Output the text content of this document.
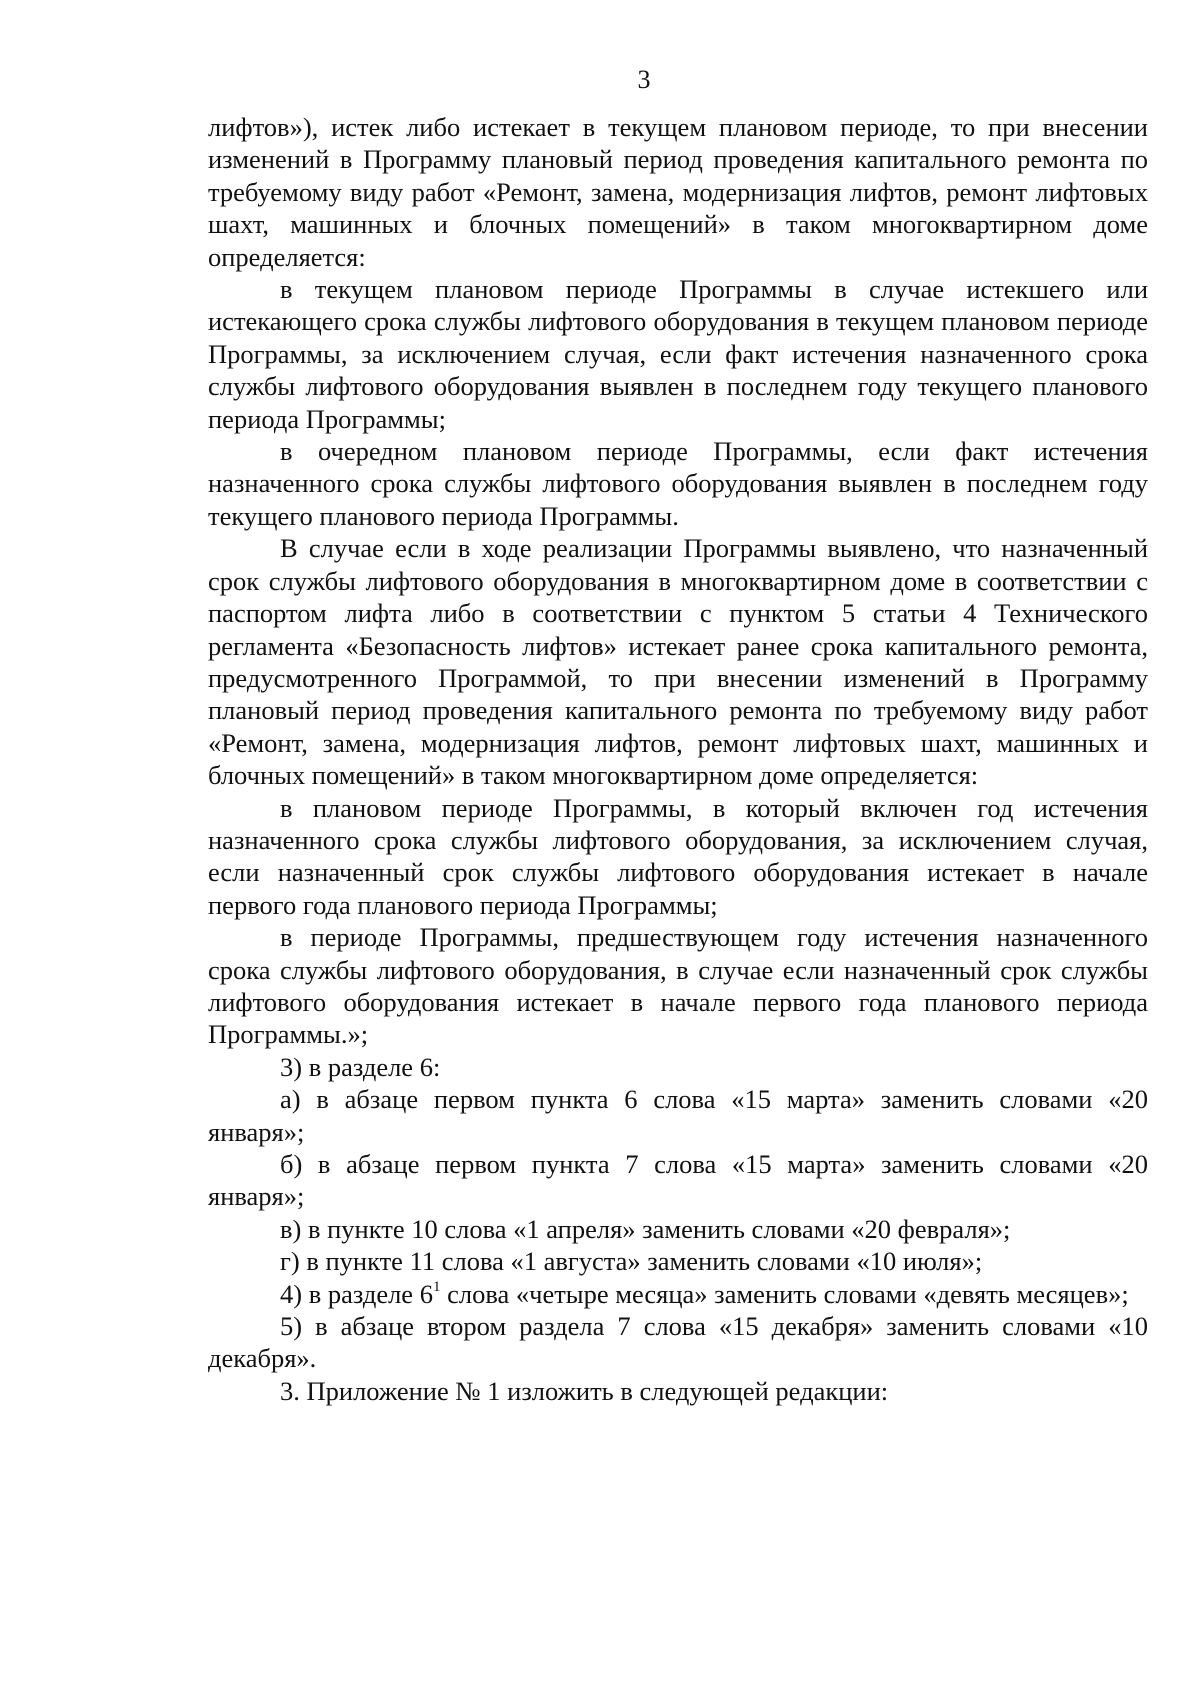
3

лифтов»), истек либо истекает в текущем плановом периоде, то при внесении изменений в Программу плановый период проведения капитального ремонта по требуемому виду работ «Ремонт, замена, модернизация лифтов, ремонт лифтовых шахт, машинных и блочных помещений» в таком многоквартирном доме определяется:

в текущем плановом периоде Программы в случае истекшего или истекающего срока службы лифтового оборудования в текущем плановом периоде Программы, за исключением случая, если факт истечения назначенного срока службы лифтового оборудования выявлен в последнем году текущего планового периода Программы;

в очередном плановом периоде Программы, если факт истечения назначенного срока службы лифтового оборудования выявлен в последнем году текущего планового периода Программы.

В случае если в ходе реализации Программы выявлено, что назначенный срок службы лифтового оборудования в многоквартирном доме в соответствии с паспортом лифта либо в соответствии с пунктом 5 статьи 4 Технического регламента «Безопасность лифтов» истекает ранее срока капитального ремонта, предусмотренного Программой, то при внесении изменений в Программу плановый период проведения капитального ремонта по требуемому виду работ «Ремонт, замена, модернизация лифтов, ремонт лифтовых шахт, машинных и блочных помещений» в таком многоквартирном доме определяется:

в плановом периоде Программы, в который включен год истечения назначенного срока службы лифтового оборудования, за исключением случая, если назначенный срок службы лифтового оборудования истекает в начале первого года планового периода Программы;

в периоде Программы, предшествующем году истечения назначенного срока службы лифтового оборудования, в случае если назначенный срок службы лифтового оборудования истекает в начале первого года планового периода Программы.»;

3) в разделе 6:

а) в абзаце первом пункта 6 слова «15 марта» заменить словами «20 января»;

б) в абзаце первом пункта 7 слова «15 марта» заменить словами «20 января»;

в) в пункте 10 слова «1 апреля» заменить словами «20 февраля»;

г) в пункте 11 слова «1 августа» заменить словами «10 июля»;

4) в разделе $6^1$ слова «четыре месяца» заменить словами «девять месяцев»;

5) в абзаце втором раздела 7 слова «15 декабря» заменить словами «10 декабря».

3. Приложение № 1 изложить в следующей редакции:
